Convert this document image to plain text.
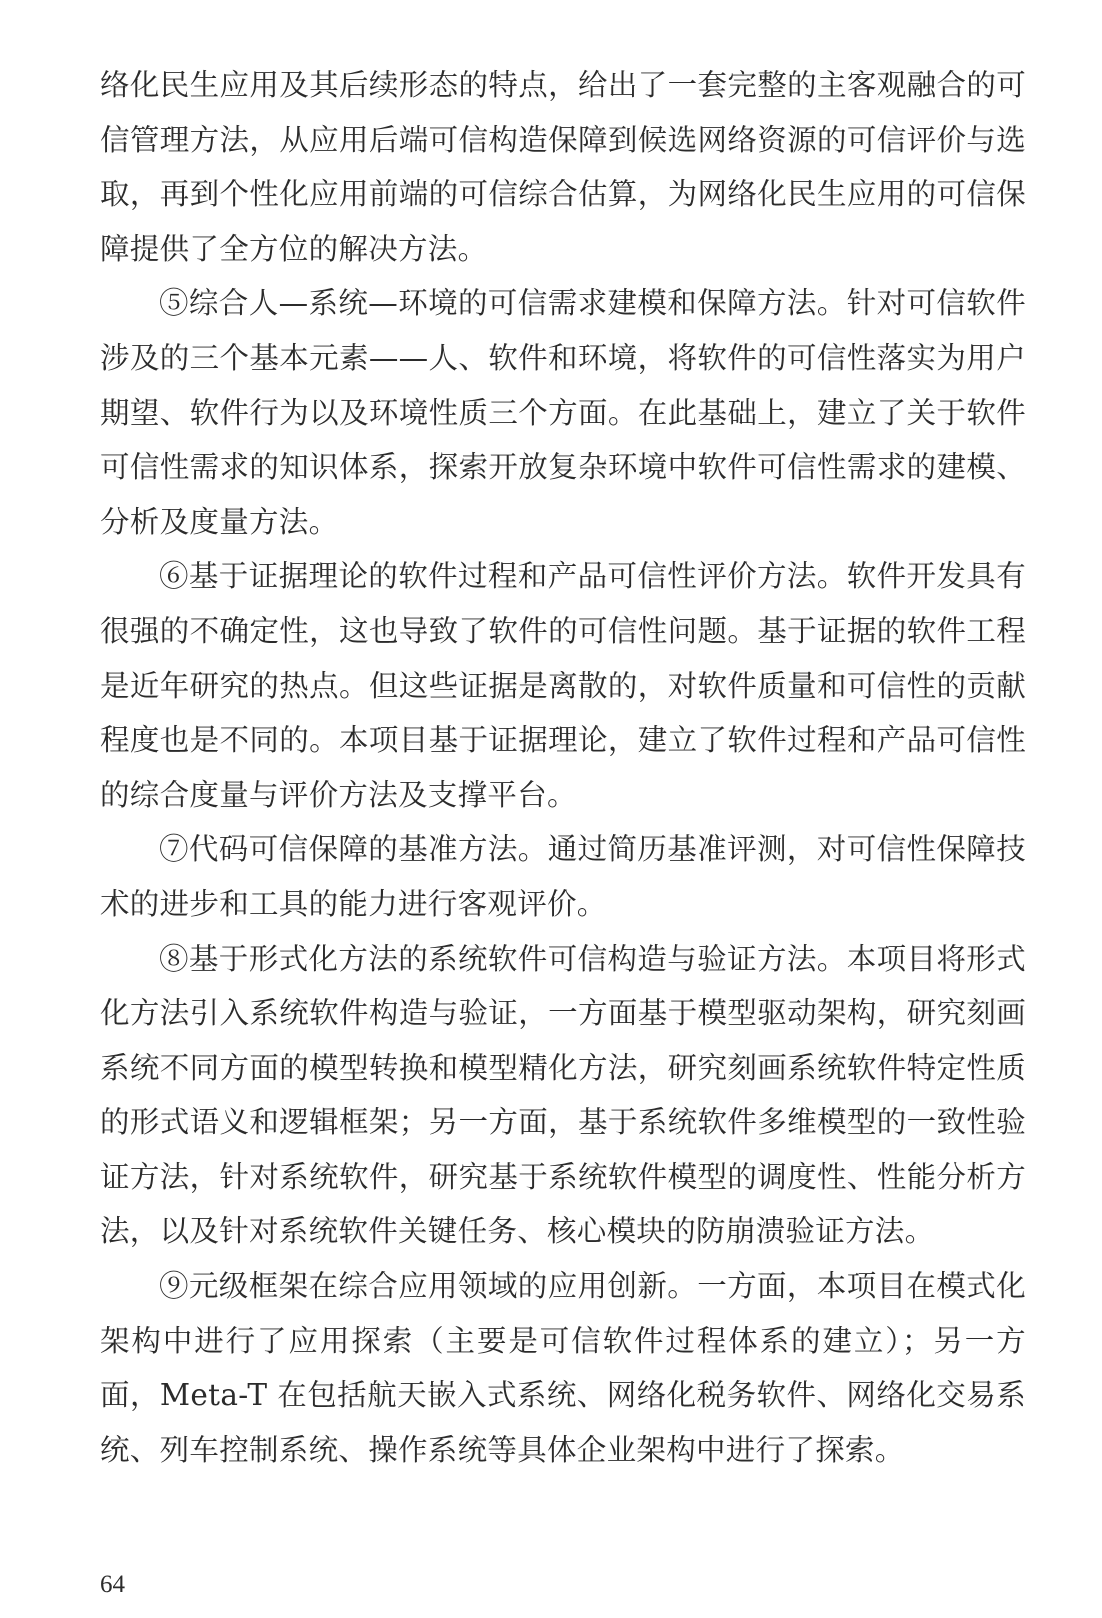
络化民生应用及其后续形态的特点，给出了一套完整的主客观融合的可信管理方法，从应用后端可信构造保障到候选网络资源的可信评价与选取，再到个性化应用前端的可信综合估算，为网络化民生应用的可信保障提供了全方位的解决方法。

⑤综合人—系统—环境的可信需求建模和保障方法。针对可信软件涉及的三个基本元素——人、软件和环境，将软件的可信性落实为用户期望、软件行为以及环境性质三个方面。在此基础上，建立了关于软件可信性需求的知识体系，探索开放复杂环境中软件可信性需求的建模、分析及度量方法。

⑥基于证据理论的软件过程和产品可信性评价方法。软件开发具有很强的不确定性，这也导致了软件的可信性问题。基于证据的软件工程是近年研究的热点。但这些证据是离散的，对软件质量和可信性的贡献程度也是不同的。本项目基于证据理论，建立了软件过程和产品可信性的综合度量与评价方法及支撑平台。

⑦代码可信保障的基准方法。通过简历基准评测，对可信性保障技术的进步和工具的能力进行客观评价。

⑧基于形式化方法的系统软件可信构造与验证方法。本项目将形式化方法引入系统软件构造与验证，一方面基于模型驱动架构，研究刻画系统不同方面的模型转换和模型精化方法，研究刻画系统软件特定性质的形式语义和逻辑框架；另一方面，基于系统软件多维模型的一致性验证方法，针对系统软件，研究基于系统软件模型的调度性、性能分析方法，以及针对系统软件关键任务、核心模块的防崩溃验证方法。

⑨元级框架在综合应用领域的应用创新。一方面，本项目在模式化架构中进行了应用探索（主要是可信软件过程体系的建立）；另一方面，Meta-T 在包括航天嵌入式系统、网络化税务软件、网络化交易系统、列车控制系统、操作系统等具体企业架构中进行了探索。

64
